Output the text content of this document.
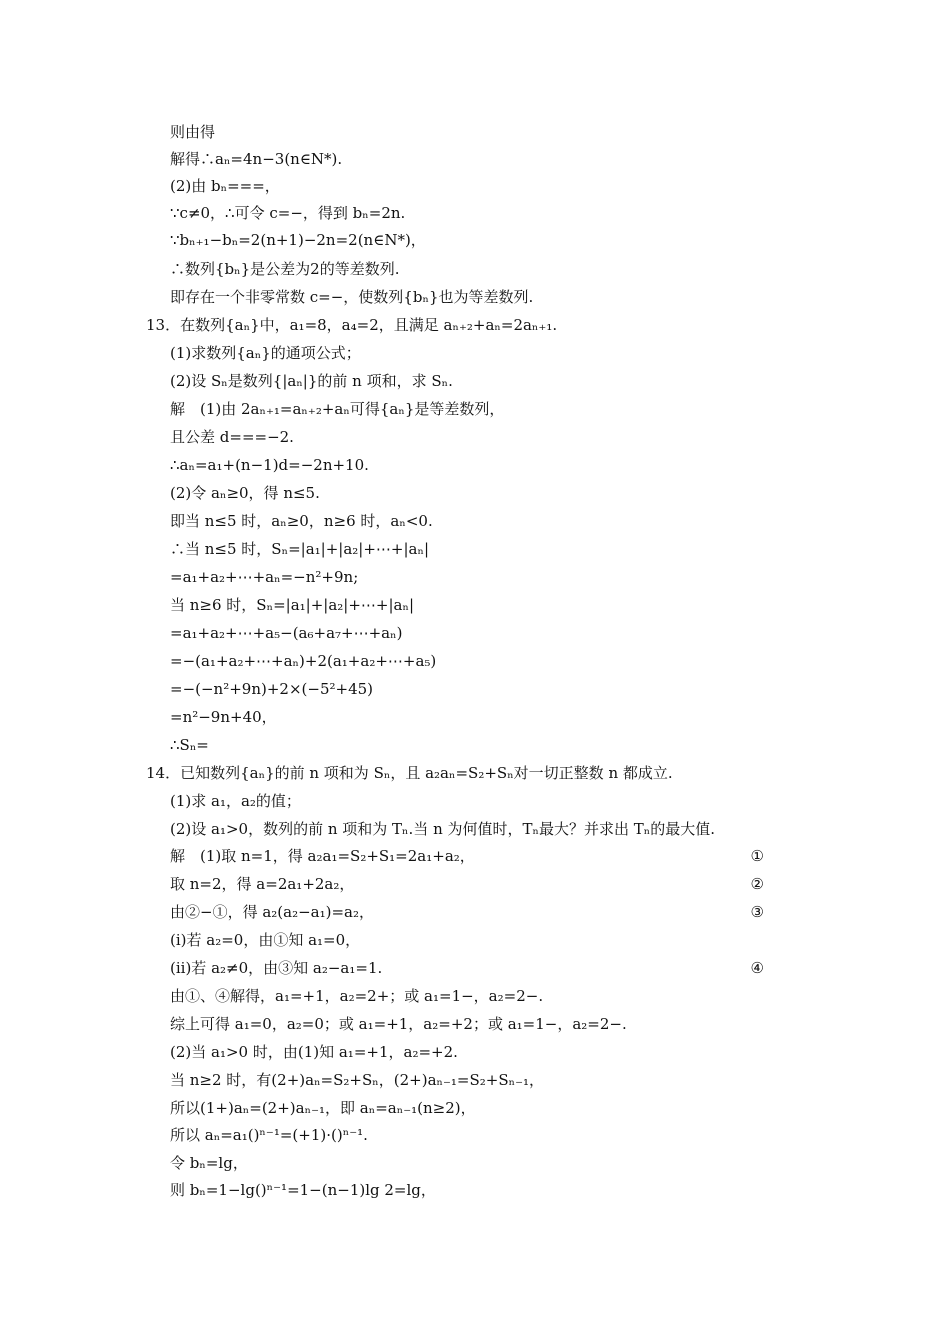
则由得
解得∴aₙ=4n−3(n∈N*).
(2)由 bₙ===，
∵c≠0，∴可令 c=−，得到 bₙ=2n.
∵bₙ₊₁−bₙ=2(n+1)−2n=2(n∈N*)，
∴数列{bₙ}是公差为2的等差数列.
即存在一个非零常数 c=−，使数列{bₙ}也为等差数列.
13．在数列{aₙ}中，a₁=8，a₄=2，且满足 aₙ₊₂+aₙ=2aₙ₊₁.
(1)求数列{aₙ}的通项公式；
(2)设 Sₙ是数列{|aₙ|}的前 n 项和，求 Sₙ.
解　(1)由 2aₙ₊₁=aₙ₊₂+aₙ可得{aₙ}是等差数列，
且公差 d===−2.
∴aₙ=a₁+(n−1)d=−2n+10.
(2)令 aₙ≥0，得 n≤5.
即当 n≤5 时，aₙ≥0，n≥6 时，aₙ<0.
∴当 n≤5 时，Sₙ=|a₁|+|a₂|+⋯+|aₙ|
=a₁+a₂+⋯+aₙ=−n²+9n;
当 n≥6 时，Sₙ=|a₁|+|a₂|+⋯+|aₙ|
=a₁+a₂+⋯+a₅−(a₆+a₇+⋯+aₙ)
=−(a₁+a₂+⋯+aₙ)+2(a₁+a₂+⋯+a₅)
=−(−n²+9n)+2×(−5²+45)
=n²−9n+40，
∴Sₙ=
14．已知数列{aₙ}的前 n 项和为 Sₙ，且 a₂aₙ=S₂+Sₙ对一切正整数 n 都成立.
(1)求 a₁，a₂的值；
(2)设 a₁>0，数列的前 n 项和为 Tₙ.当 n 为何值时，Tₙ最大？并求出 Tₙ的最大值.
解　(1)取 n=1，得 a₂a₁=S₂+S₁=2a₁+a₂，	①
取 n=2，得 a=2a₁+2a₂，	②
由②−①，得 a₂(a₂−a₁)=a₂，	③
(i)若 a₂=0，由①知 a₁=0，
(ii)若 a₂≠0，由③知 a₂−a₁=1.	④
由①、④解得，a₁=+1，a₂=2+；或 a₁=1−，a₂=2−.
综上可得 a₁=0，a₂=0；或 a₁=+1，a₂=+2；或 a₁=1−，a₂=2−.
(2)当 a₁>0 时，由(1)知 a₁=+1，a₂=+2.
当 n≥2 时，有(2+)aₙ=S₂+Sₙ，(2+)aₙ₋₁=S₂+Sₙ₋₁，
所以(1+)aₙ=(2+)aₙ₋₁，即 aₙ=aₙ₋₁(n≥2)，
所以 aₙ=a₁()ⁿ⁻¹=(+1)·()ⁿ⁻¹.
令 bₙ=lg，
则 bₙ=1−lg()ⁿ⁻¹=1−(n−1)lg 2=lg，
